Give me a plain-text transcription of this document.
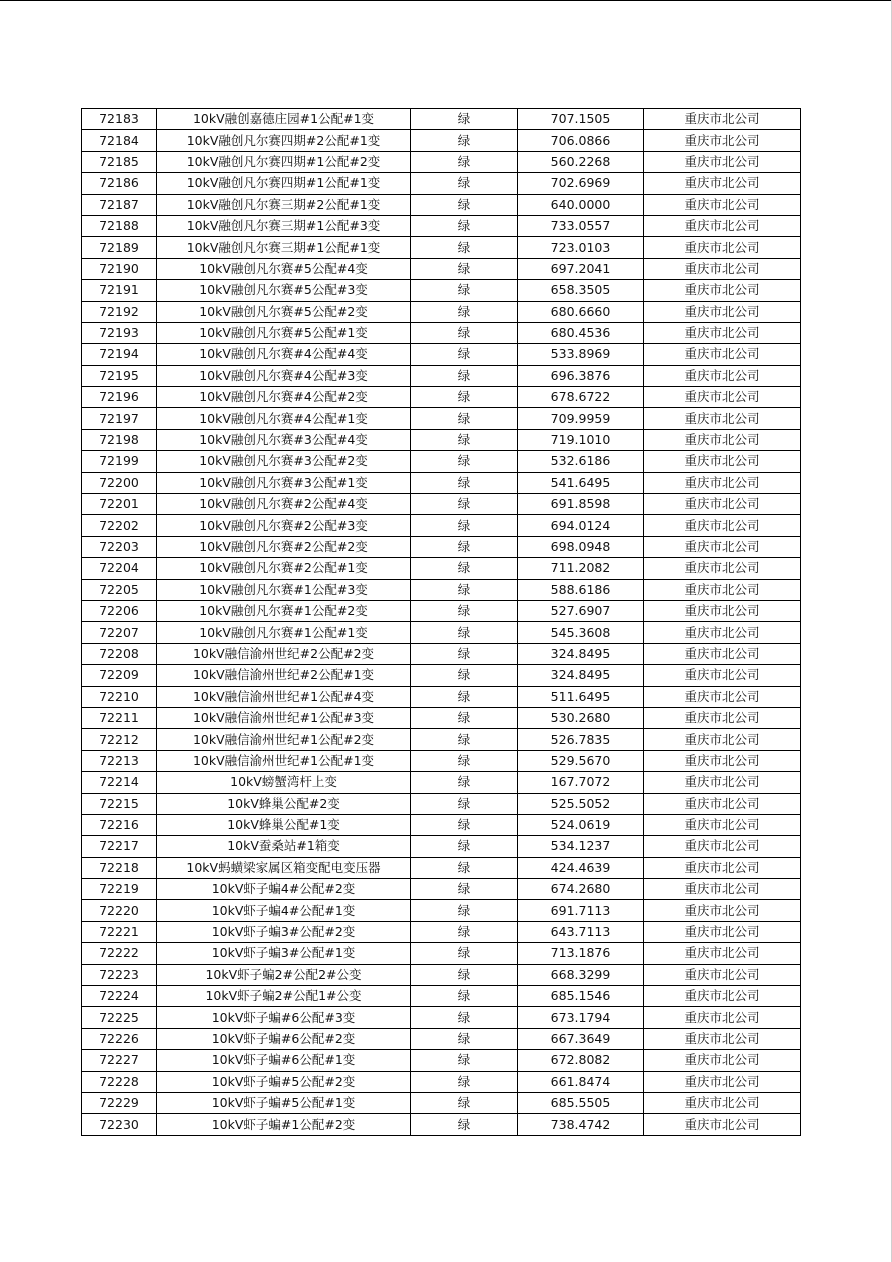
72183	10kV融创嘉德庄园#1公配#1变	绿	707.1505	重庆市北公司
72184	10kV融创凡尔赛四期#2公配#1变	绿	706.0866	重庆市北公司
72185	10kV融创凡尔赛四期#1公配#2变	绿	560.2268	重庆市北公司
72186	10kV融创凡尔赛四期#1公配#1变	绿	702.6969	重庆市北公司
72187	10kV融创凡尔赛三期#2公配#1变	绿	640.0000	重庆市北公司
72188	10kV融创凡尔赛三期#1公配#3变	绿	733.0557	重庆市北公司
72189	10kV融创凡尔赛三期#1公配#1变	绿	723.0103	重庆市北公司
72190	10kV融创凡尔赛#5公配#4变	绿	697.2041	重庆市北公司
72191	10kV融创凡尔赛#5公配#3变	绿	658.3505	重庆市北公司
72192	10kV融创凡尔赛#5公配#2变	绿	680.6660	重庆市北公司
72193	10kV融创凡尔赛#5公配#1变	绿	680.4536	重庆市北公司
72194	10kV融创凡尔赛#4公配#4变	绿	533.8969	重庆市北公司
72195	10kV融创凡尔赛#4公配#3变	绿	696.3876	重庆市北公司
72196	10kV融创凡尔赛#4公配#2变	绿	678.6722	重庆市北公司
72197	10kV融创凡尔赛#4公配#1变	绿	709.9959	重庆市北公司
72198	10kV融创凡尔赛#3公配#4变	绿	719.1010	重庆市北公司
72199	10kV融创凡尔赛#3公配#2变	绿	532.6186	重庆市北公司
72200	10kV融创凡尔赛#3公配#1变	绿	541.6495	重庆市北公司
72201	10kV融创凡尔赛#2公配#4变	绿	691.8598	重庆市北公司
72202	10kV融创凡尔赛#2公配#3变	绿	694.0124	重庆市北公司
72203	10kV融创凡尔赛#2公配#2变	绿	698.0948	重庆市北公司
72204	10kV融创凡尔赛#2公配#1变	绿	711.2082	重庆市北公司
72205	10kV融创凡尔赛#1公配#3变	绿	588.6186	重庆市北公司
72206	10kV融创凡尔赛#1公配#2变	绿	527.6907	重庆市北公司
72207	10kV融创凡尔赛#1公配#1变	绿	545.3608	重庆市北公司
72208	10kV融信渝州世纪#2公配#2变	绿	324.8495	重庆市北公司
72209	10kV融信渝州世纪#2公配#1变	绿	324.8495	重庆市北公司
72210	10kV融信渝州世纪#1公配#4变	绿	511.6495	重庆市北公司
72211	10kV融信渝州世纪#1公配#3变	绿	530.2680	重庆市北公司
72212	10kV融信渝州世纪#1公配#2变	绿	526.7835	重庆市北公司
72213	10kV融信渝州世纪#1公配#1变	绿	529.5670	重庆市北公司
72214	10kV螃蟹湾杆上变	绿	167.7072	重庆市北公司
72215	10kV蜂巢公配#2变	绿	525.5052	重庆市北公司
72216	10kV蜂巢公配#1变	绿	524.0619	重庆市北公司
72217	10kV蚕桑站#1箱变	绿	534.1237	重庆市北公司
72218	10kV蚂蟥梁家属区箱变配电变压器	绿	424.4639	重庆市北公司
72219	10kV虾子蝙4#公配#2变	绿	674.2680	重庆市北公司
72220	10kV虾子蝙4#公配#1变	绿	691.7113	重庆市北公司
72221	10kV虾子蝙3#公配#2变	绿	643.7113	重庆市北公司
72222	10kV虾子蝙3#公配#1变	绿	713.1876	重庆市北公司
72223	10kV虾子蝙2#公配2#公变	绿	668.3299	重庆市北公司
72224	10kV虾子蝙2#公配1#公变	绿	685.1546	重庆市北公司
72225	10kV虾子蝙#6公配#3变	绿	673.1794	重庆市北公司
72226	10kV虾子蝙#6公配#2变	绿	667.3649	重庆市北公司
72227	10kV虾子蝙#6公配#1变	绿	672.8082	重庆市北公司
72228	10kV虾子蝙#5公配#2变	绿	661.8474	重庆市北公司
72229	10kV虾子蝙#5公配#1变	绿	685.5505	重庆市北公司
72230	10kV虾子蝙#1公配#2变	绿	738.4742	重庆市北公司
